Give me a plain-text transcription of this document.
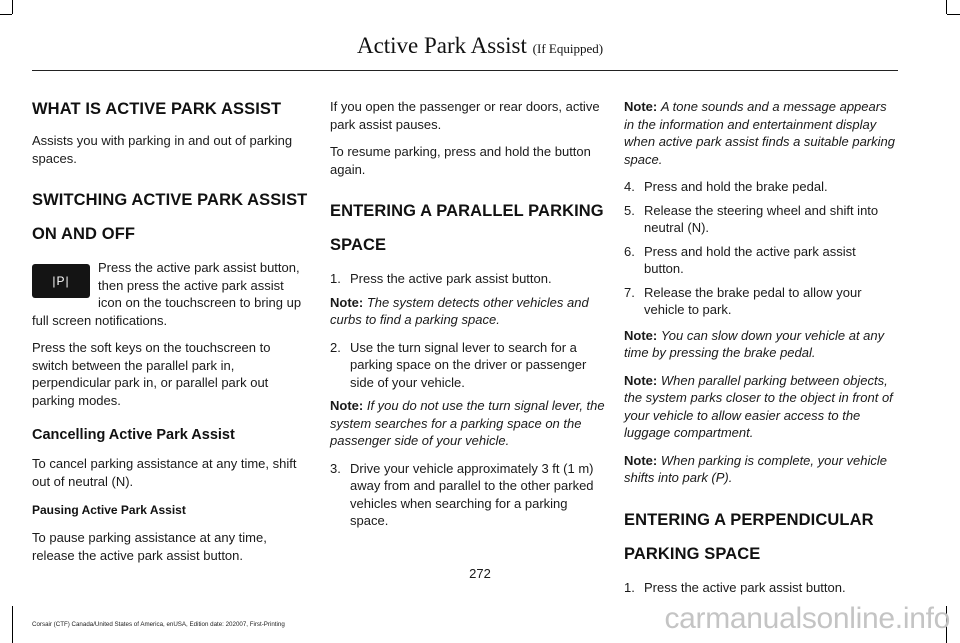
Active Park Assist (If Equipped)
WHAT IS ACTIVE PARK ASSIST

Assists you with parking in and out of parking spaces.

SWITCHING ACTIVE PARK ASSIST
ON AND OFF
|P|

Press the active park assist button, then press the active park assist icon on the touchscreen to bring up full screen notifications.

Press the soft keys on the touchscreen to switch between the parallel park in, perpendicular park in, or parallel park out parking modes.

Cancelling Active Park Assist

To cancel parking assistance at any time, shift out of neutral (N).

Pausing Active Park Assist

To pause parking assistance at any time, release the active park assist button.

If you open the passenger or rear doors, active park assist pauses.

To resume parking, press and hold the button again.

ENTERING A PARALLEL PARKING
SPACE
1. Press the active park assist button.

Note: The system detects other vehicles and curbs to find a parking space.

2. Use the turn signal lever to search for a parking space on the driver or passenger side of your vehicle.

Note: If you do not use the turn signal lever, the system searches for a parking space on the passenger side of your vehicle.

3. Drive your vehicle approximately 3 ft (1 m) away from and parallel to the other parked vehicles when searching for a parking space.

Note: A tone sounds and a message appears in the information and entertainment display when active park assist finds a suitable parking space.

4. Press and hold the brake pedal.
5. Release the steering wheel and shift into neutral (N).
6. Press and hold the active park assist button.
7. Release the brake pedal to allow your vehicle to park.

Note: You can slow down your vehicle at any time by pressing the brake pedal.

Note: When parallel parking between objects, the system parks closer to the object in front of your vehicle to allow easier access to the luggage compartment.

Note: When parking is complete, your vehicle shifts into park (P).

ENTERING A PERPENDICULAR
PARKING SPACE
1. Press the active park assist button.
272
Corsair (CTF) Canada/United States of America, enUSA, Edition date: 202007, First-Printing	carmanualsonline.info
